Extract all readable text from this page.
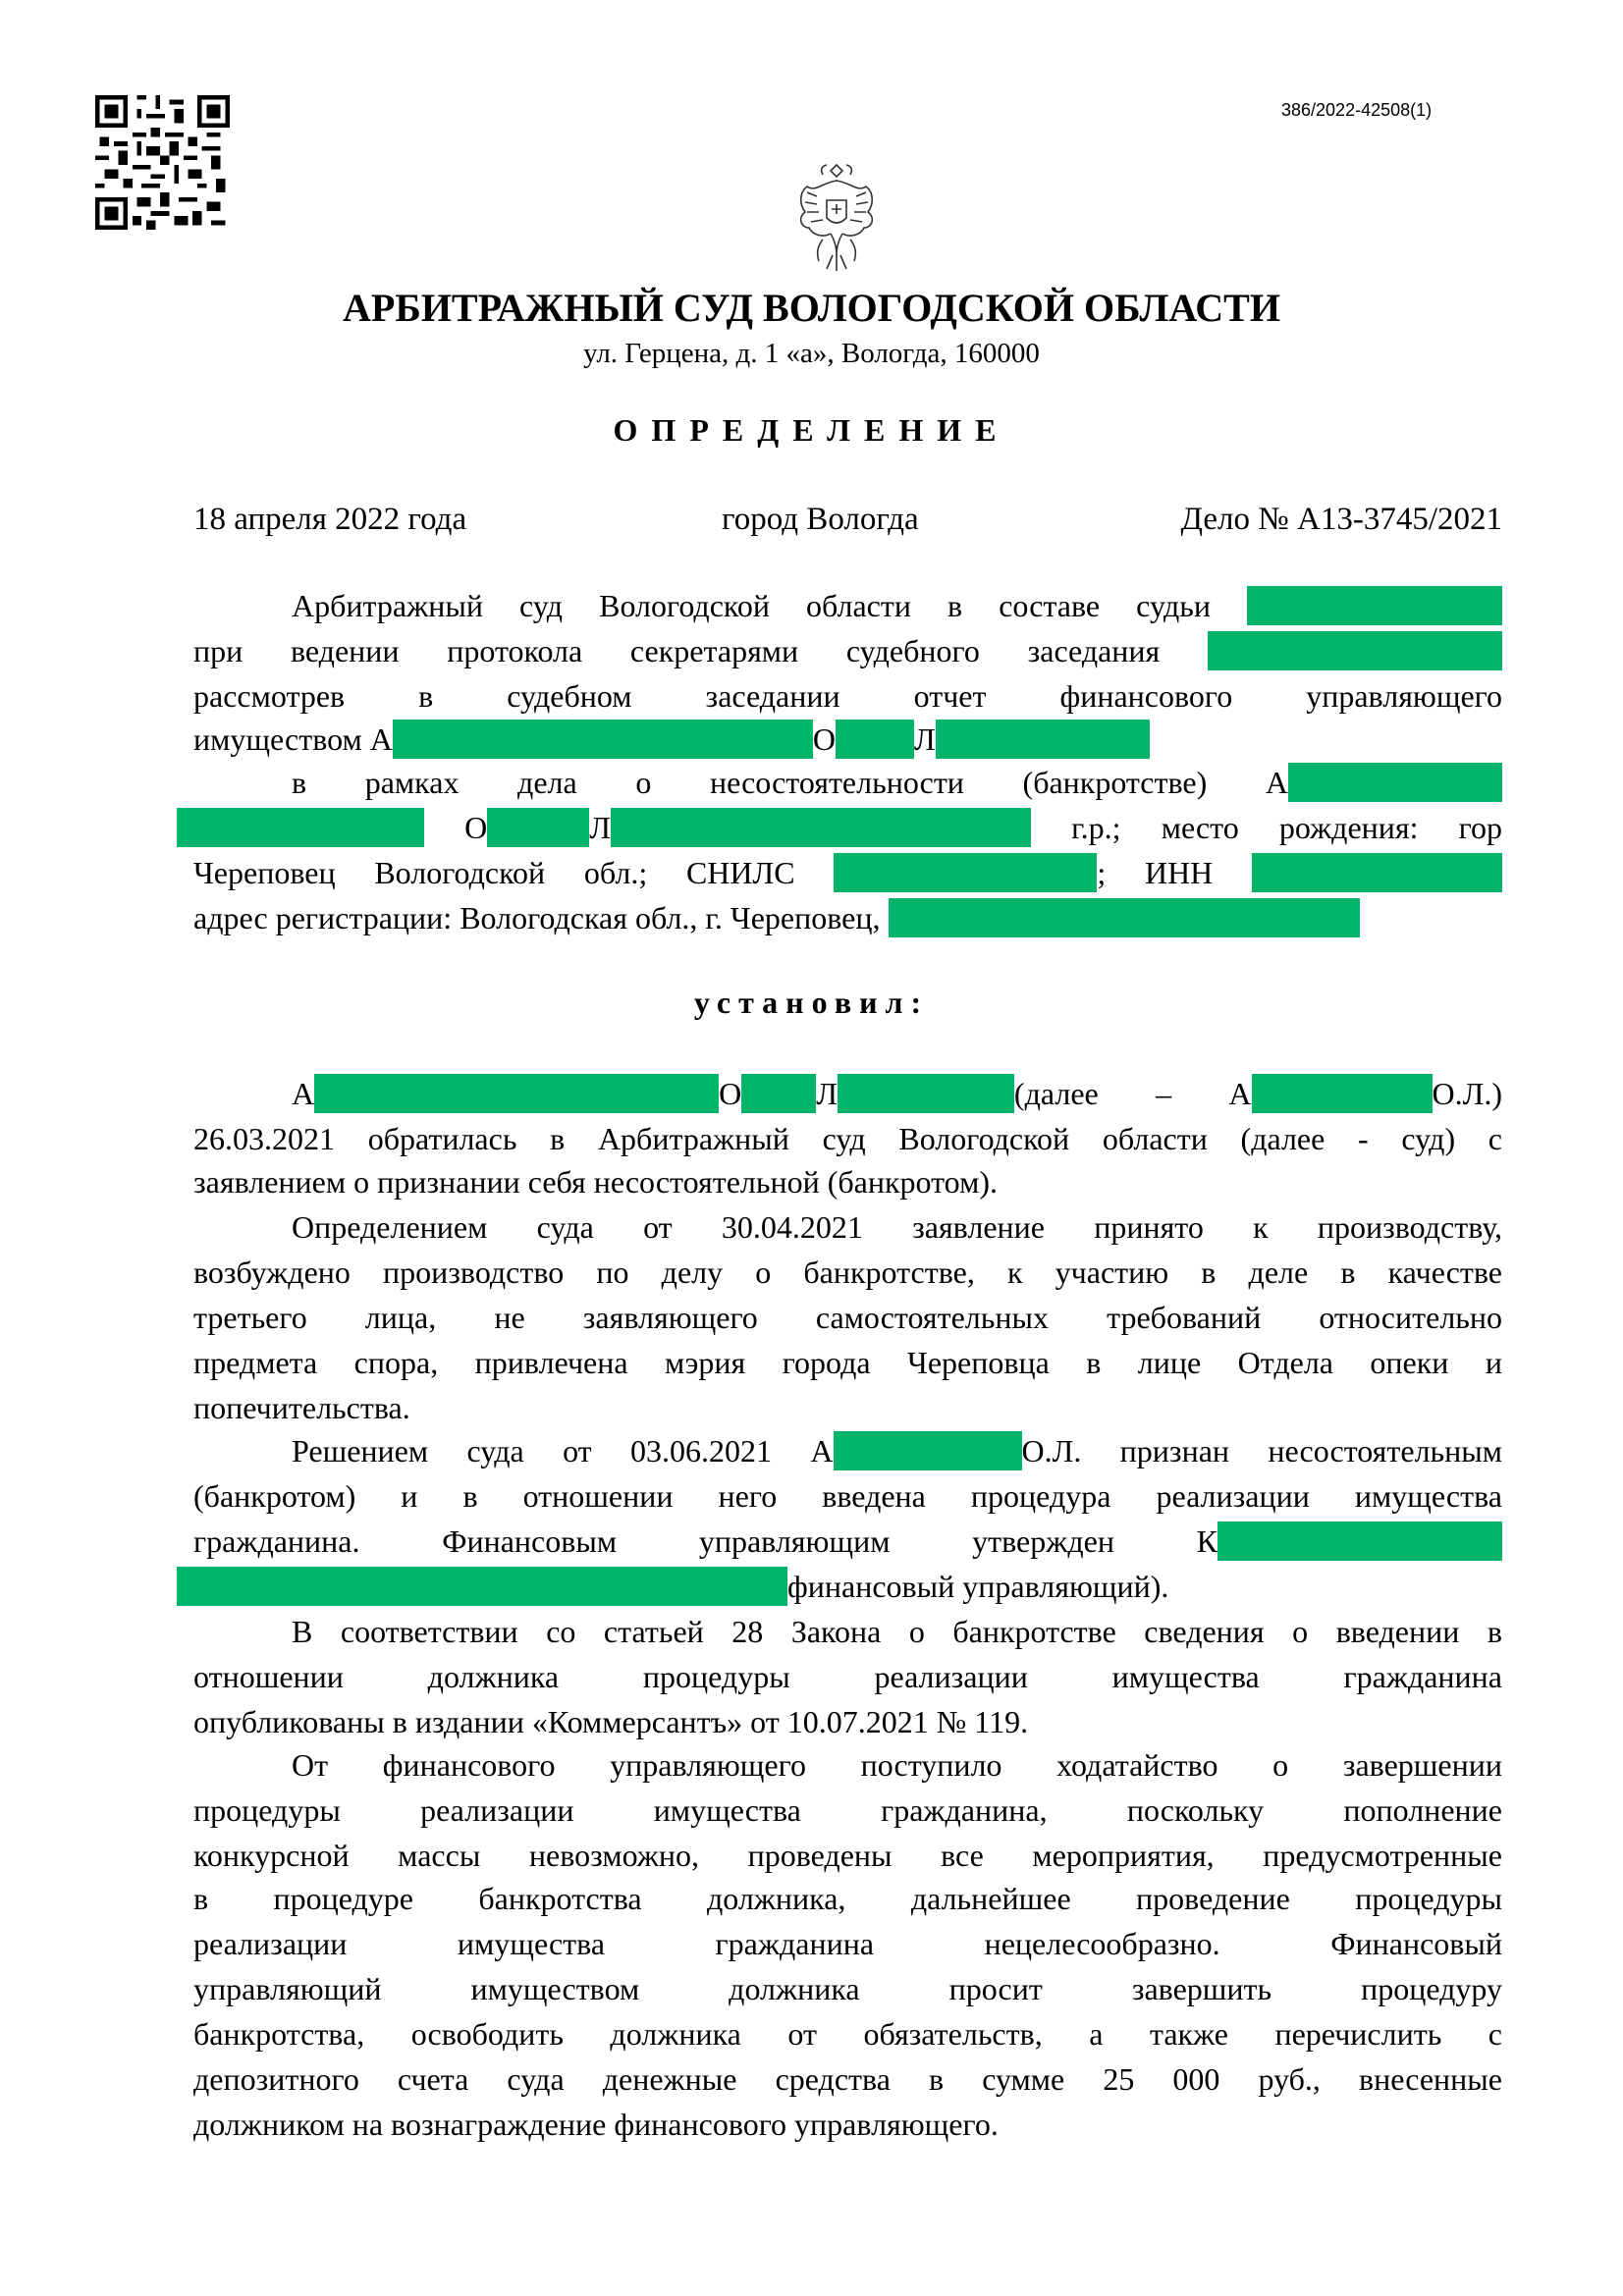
386/2022-42508(1)
АРБИТРАЖНЫЙ СУД ВОЛОГОДСКОЙ ОБЛАСТИ
ул. Герцена, д. 1 «а», Вологда, 160000
ОПРЕДЕЛЕНИЕ
18 апреля 2022 года	город Вологда	Дело № А13-3745/2021
Арбитражный суд Вологодской области в составе судьи
при ведении протокола секретарями судебного заседания
рассмотрев в судебном заседании отчет финансового управляющего
имуществом А	О	Л
в рамках дела о несостоятельности (банкротстве) А
О	Л	г.р.; место рождения: гор
Череповец Вологодской обл.; СНИЛС	; ИНН
адрес регистрации: Вологодская обл., г. Череповец,
установил:
А	О Л	(далее – А	О.Л.)
26.03.2021 обратилась в Арбитражный суд Вологодской области (далее - суд) с
заявлением о признании себя несостоятельной (банкротом).
Определением суда от 30.04.2021 заявление принято к производству,
возбуждено производство по делу о банкротстве, к участию в деле в качестве
третьего лица, не заявляющего самостоятельных требований относительно
предмета спора, привлечена мэрия города Череповца в лице Отдела опеки и
попечительства.
Решением суда от 03.06.2021 А	О.Л. признан несостоятельным
(банкротом) и в отношении него введена процедура реализации имущества
гражданина. Финансовым управляющим утвержден К
финансовый управляющий).
В соответствии со статьей 28 Закона о банкротстве сведения о введении в
отношении должника процедуры реализации имущества гражданина
опубликованы в издании «Коммерсантъ» от 10.07.2021 № 119.
От финансового управляющего поступило ходатайство о завершении
процедуры реализации имущества гражданина, поскольку пополнение
конкурсной массы невозможно, проведены все мероприятия, предусмотренные
в процедуре банкротства должника, дальнейшее проведение процедуры
реализации имущества гражданина нецелесообразно. Финансовый
управляющий имуществом должника просит завершить процедуру
банкротства, освободить должника от обязательств, а также перечислить с
депозитного счета суда денежные средства в сумме 25 000 руб., внесенные
должником на вознаграждение финансового управляющего.
